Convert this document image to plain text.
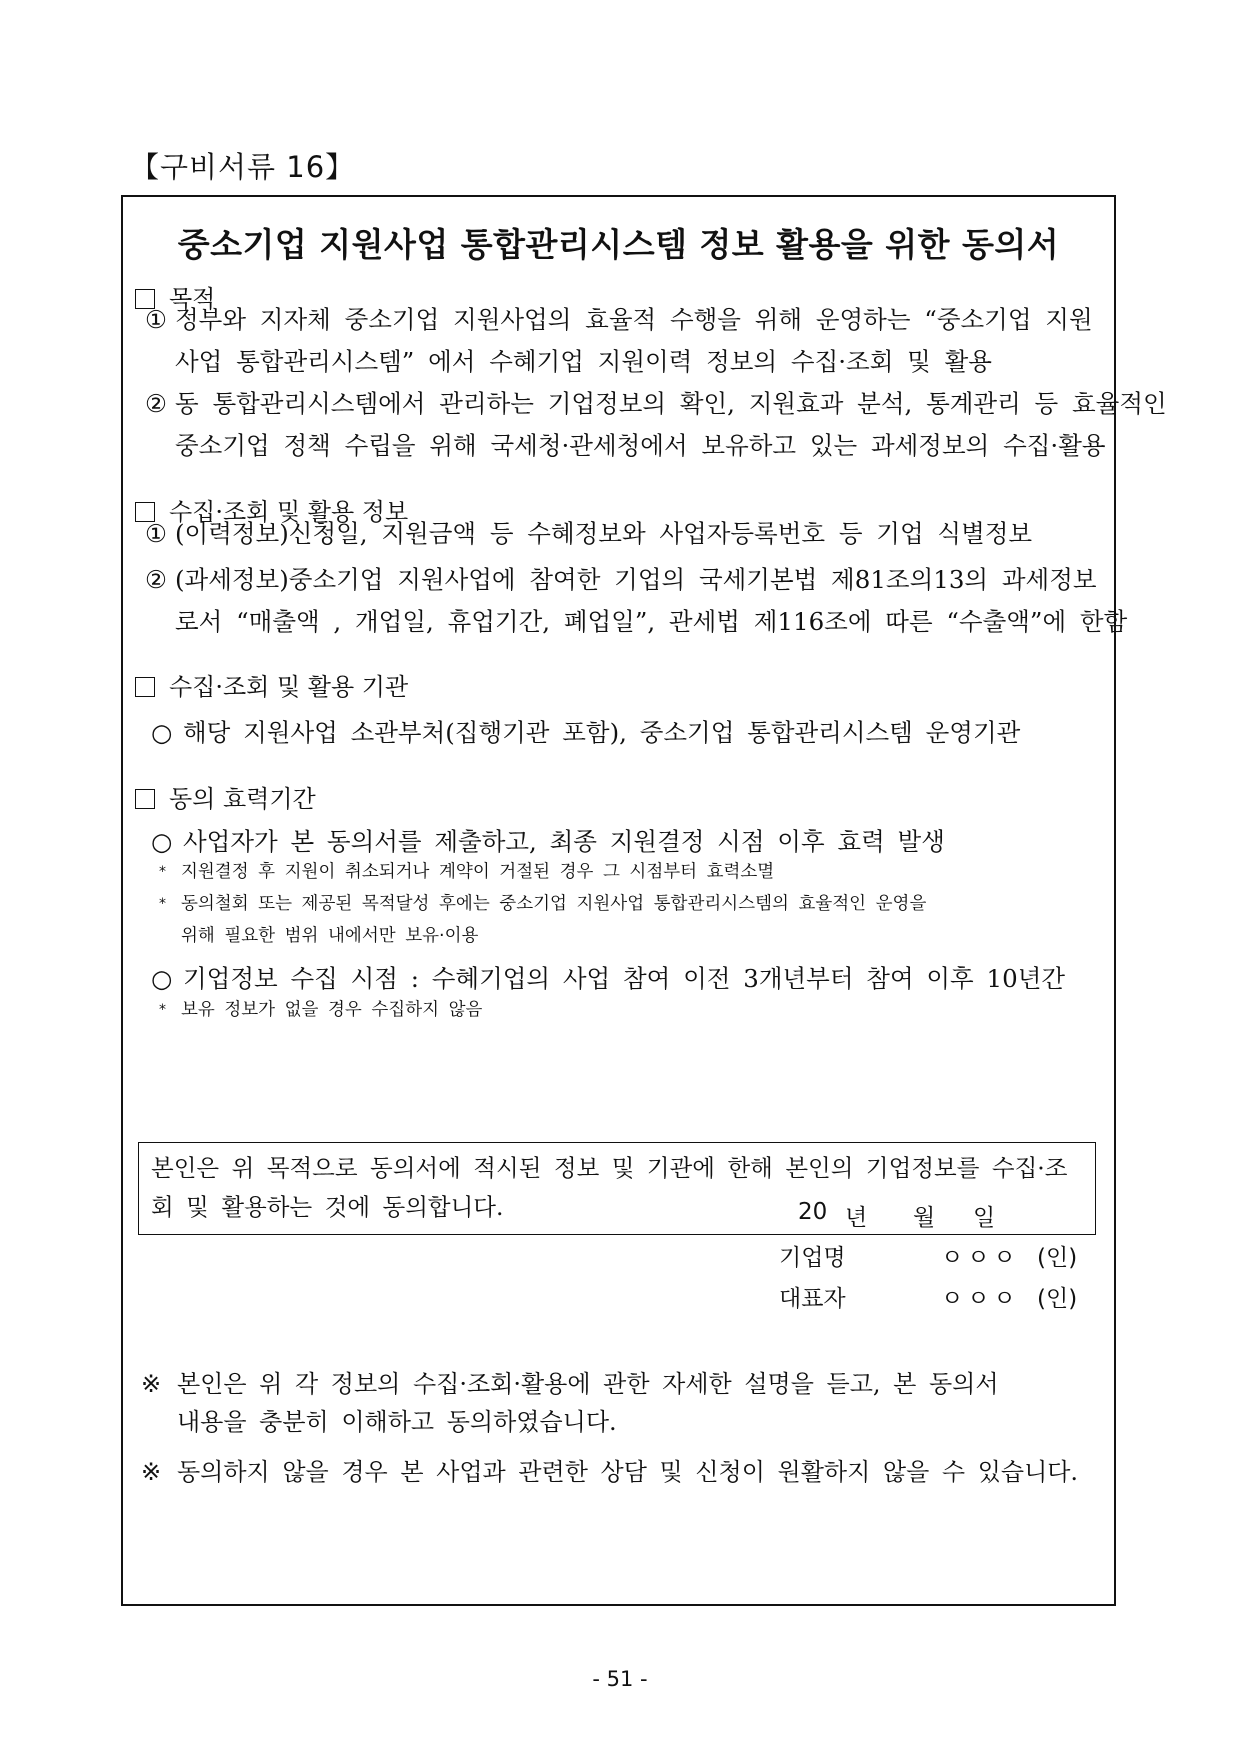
【구비서류 16】
중소기업 지원사업 통합관리시스템 정보 활용을 위한 동의서
목적
① 정부와 지자체 중소기업 지원사업의 효율적 수행을 위해 운영하는 “중소기업 지원
사업 통합관리시스템” 에서 수혜기업 지원이력 정보의 수집·조회 및 활용
② 동 통합관리시스템에서 관리하는 기업정보의 확인, 지원효과 분석, 통계관리 등 효율적인
중소기업 정책 수립을 위해 국세청·관세청에서 보유하고 있는 과세정보의 수집·활용
수집·조회 및 활용 정보
① (이력정보)신청일, 지원금액 등 수혜정보와 사업자등록번호 등 기업 식별정보
② (과세정보)중소기업 지원사업에 참여한 기업의 국세기본법 제81조의13의 과세정보
로서 “매출액 , 개업일, 휴업기간, 폐업일”, 관세법 제116조에 따른 “수출액”에 한함
수집·조회 및 활용 기관
○ 해당 지원사업 소관부처(집행기관 포함), 중소기업 통합관리시스템 운영기관
동의 효력기간
○ 사업자가 본 동의서를 제출하고, 최종 지원결정 시점 이후 효력 발생
* 지원결정 후 지원이 취소되거나 계약이 거절된 경우 그 시점부터 효력소멸
* 동의철회 또는 제공된 목적달성 후에는 중소기업 지원사업 통합관리시스템의 효율적인 운영을
위해 필요한 범위 내에서만 보유·이용
○ 기업정보 수집 시점 : 수혜기업의 사업 참여 이전 3개년부터 참여 이후 10년간
* 보유 정보가 없을 경우 수집하지 않음
본인은 위 목적으로 동의서에 적시된 정보 및 기관에 한해 본인의 기업정보를 수집·조회 및 활용하는 것에 동의합니다.	20 년 월 일
기업명	ㅇㅇㅇ (인)
대표자	ㅇㅇㅇ (인)
※ 본인은 위 각 정보의 수집·조회·활용에 관한 자세한 설명을 듣고, 본 동의서
내용을 충분히 이해하고 동의하였습니다.
※ 동의하지 않을 경우 본 사업과 관련한 상담 및 신청이 원활하지 않을 수 있습니다.
- 51 -
